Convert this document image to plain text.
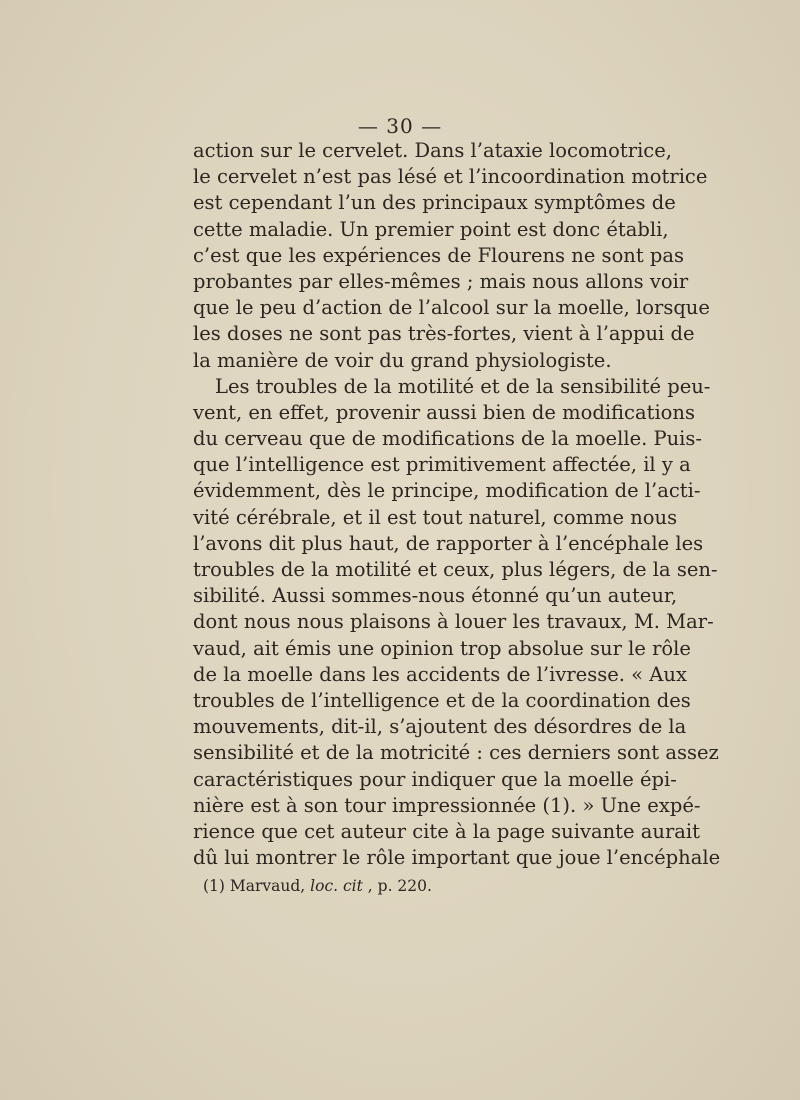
— 30 —
action sur le cervelet. Dans l’ataxie locomotrice,
le cervelet n’est pas lésé et l’incoordination motrice
est cependant l’un des principaux symptômes de
cette maladie. Un premier point est donc établi,
c’est que les expériences de Flourens ne sont pas
probantes par elles-mêmes ; mais nous allons voir
que le peu d’action de l’alcool sur la moelle, lorsque
les doses ne sont pas très-fortes, vient à l’appui de
la manière de voir du grand physiologiste.
Les troubles de la motilité et de la sensibilité peu-
vent, en effet, provenir aussi bien de modifications
du cerveau que de modifications de la moelle. Puis-
que l’intelligence est primitivement affectée, il y a
évidemment, dès le principe, modification de l’acti-
vité cérébrale, et il est tout naturel, comme nous
l’avons dit plus haut, de rapporter à l’encéphale les
troubles de la motilité et ceux, plus légers, de la sen-
sibilité. Aussi sommes-nous étonné qu’un auteur,
dont nous nous plaisons à louer les travaux, M. Mar-
vaud, ait émis une opinion trop absolue sur le rôle
de la moelle dans les accidents de l’ivresse. « Aux
troubles de l’intelligence et de la coordination des
mouvements, dit-il, s’ajoutent des désordres de la
sensibilité et de la motricité : ces derniers sont assez
caractéristiques pour indiquer que la moelle épi-
nière est à son tour impressionnée (1). » Une expé-
rience que cet auteur cite à la page suivante aurait
dû lui montrer le rôle important que joue l’encéphale
(1) Marvaud, loc. cit , p. 220.
